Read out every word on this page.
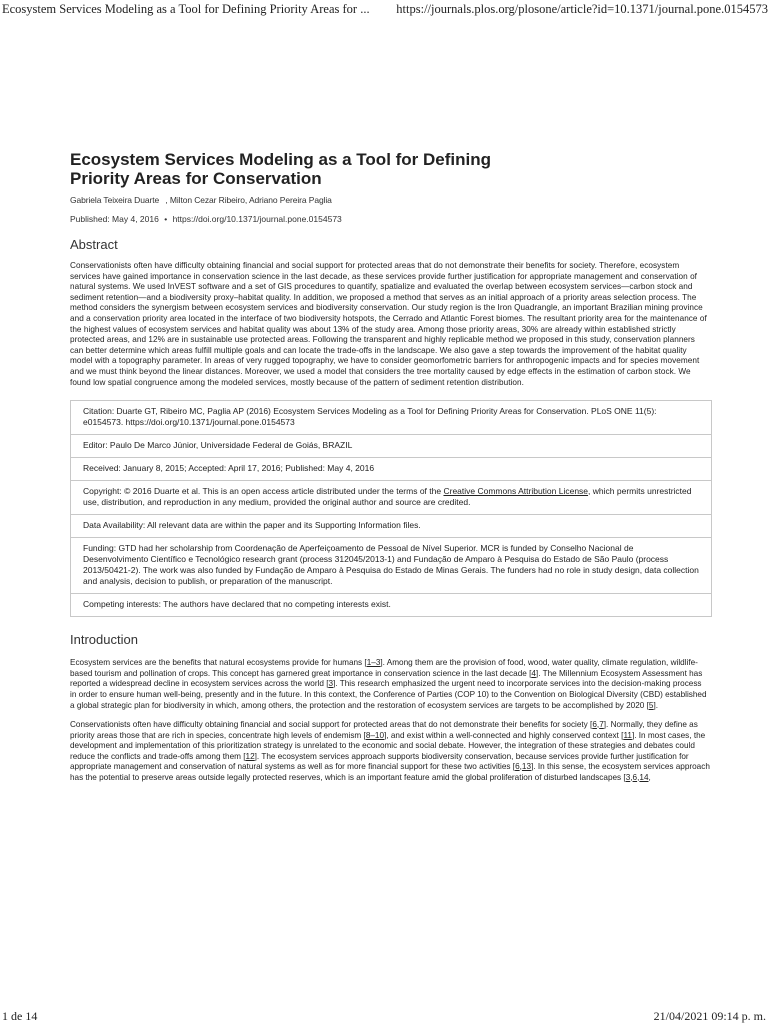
Ecosystem Services Modeling as a Tool for Defining Priority Areas for ... https://journals.plos.org/plosone/article?id=10.1371/journal.pone.0154573
Ecosystem Services Modeling as a Tool for Defining Priority Areas for Conservation
Gabriela Teixeira Duarte , Milton Cezar Ribeiro, Adriano Pereira Paglia
Published: May 4, 2016 • https://doi.org/10.1371/journal.pone.0154573
Abstract

Conservationists often have difficulty obtaining financial and social support for protected areas that do not demonstrate their benefits for society. Therefore, ecosystem services have gained importance in conservation science in the last decade, as these services provide further justification for appropriate management and conservation of natural systems. We used InVEST software and a set of GIS procedures to quantify, spatialize and evaluated the overlap between ecosystem services—carbon stock and sediment retention—and a biodiversity proxy–habitat quality. In addition, we proposed a method that serves as an initial approach of a priority areas selection process. The method considers the synergism between ecosystem services and biodiversity conservation. Our study region is the Iron Quadrangle, an important Brazilian mining province and a conservation priority area located in the interface of two biodiversity hotspots, the Cerrado and Atlantic Forest biomes. The resultant priority area for the maintenance of the highest values of ecosystem services and habitat quality was about 13% of the study area. Among those priority areas, 30% are already within established strictly protected areas, and 12% are in sustainable use protected areas. Following the transparent and highly replicable method we proposed in this study, conservation planners can better determine which areas fulfill multiple goals and can locate the trade-offs in the landscape. We also gave a step towards the improvement of the habitat quality model with a topography parameter. In areas of very rugged topography, we have to consider geomorfometric barriers for anthropogenic impacts and for species movement and we must think beyond the linear distances. Moreover, we used a model that considers the tree mortality caused by edge effects in the estimation of carbon stock. We found low spatial congruence among the modeled services, mostly because of the pattern of sediment retention distribution.

Citation: Duarte GT, Ribeiro MC, Paglia AP (2016) Ecosystem Services Modeling as a Tool for Defining Priority Areas for Conservation. PLoS ONE 11(5): e0154573. https://doi.org/10.1371/journal.pone.0154573
Editor: Paulo De Marco Júnior, Universidade Federal de Goiás, BRAZIL
Received: January 8, 2015; Accepted: April 17, 2016; Published: May 4, 2016
Copyright: © 2016 Duarte et al. This is an open access article distributed under the terms of the Creative Commons Attribution License, which permits unrestricted use, distribution, and reproduction in any medium, provided the original author and source are credited.
Data Availability: All relevant data are within the paper and its Supporting Information files.
Funding: GTD had her scholarship from Coordenação de Aperfeiçoamento de Pessoal de Nível Superior. MCR is funded by Conselho Nacional de Desenvolvimento Científico e Tecnológico research grant (process 312045/2013-1) and Fundação de Amparo à Pesquisa do Estado de São Paulo (process 2013/50421-2). The work was also funded by Fundação de Amparo à Pesquisa do Estado de Minas Gerais. The funders had no role in study design, data collection and analysis, decision to publish, or preparation of the manuscript.
Competing interests: The authors have declared that no competing interests exist.
Introduction

Ecosystem services are the benefits that natural ecosystems provide for humans [1–3]. Among them are the provision of food, wood, water quality, climate regulation, wildlife-based tourism and pollination of crops. This concept has garnered great importance in conservation science in the last decade [4]. The Millennium Ecosystem Assessment has reported a widespread decline in ecosystem services across the world [3]. This research emphasized the urgent need to incorporate services into the decision-making process in order to ensure human well-being, presently and in the future. In this context, the Conference of Parties (COP 10) to the Convention on Biological Diversity (CBD) established a global strategic plan for biodiversity in which, among others, the protection and the restoration of ecosystem services are targets to be accomplished by 2020 [5].

Conservationists often have difficulty obtaining financial and social support for protected areas that do not demonstrate their benefits for society [6,7]. Normally, they define as priority areas those that are rich in species, concentrate high levels of endemism [8–10], and exist within a well-connected and highly conserved context [11]. In most cases, the development and implementation of this prioritization strategy is unrelated to the economic and social debate. However, the integration of these strategies and debates could reduce the conflicts and trade-offs among them [12]. The ecosystem services approach supports biodiversity conservation, because services provide further justification for appropriate management and conservation of natural systems as well as for more financial support for these two activities [6,13]. In this sense, the ecosystem services approach has the potential to preserve areas outside legally protected reserves, which is an important feature amid the global proliferation of disturbed landscapes [3,6,14,

1 de 14	21/04/2021 09:14 p. m.
